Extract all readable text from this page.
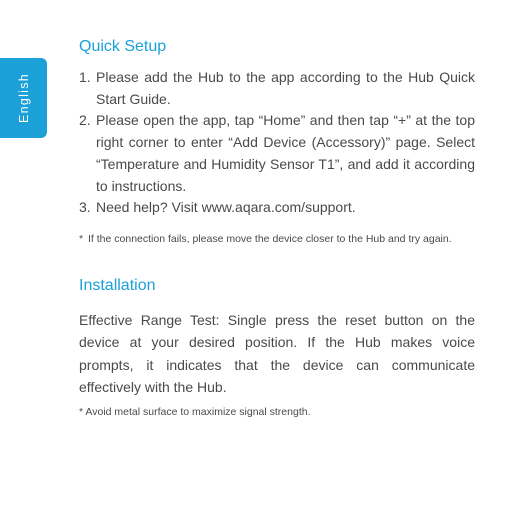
English
Quick Setup
1. Please add the Hub to the app according to the Hub Quick Start Guide.
2. Please open the app, tap “Home” and then tap “+” at the top right corner to enter “Add Device (Accessory)” page. Select “Temperature and Humidity Sensor T1”, and add it according to instructions.
3. Need help? Visit www.aqara.com/support.

* If the connection fails, please move the device closer to the Hub and try again.

Installation

Effective Range Test: Single press the reset button on the device at your desired position. If the Hub makes voice prompts, it indicates that the device can communicate effectively with the Hub.

* Avoid metal surface to maximize signal strength.
